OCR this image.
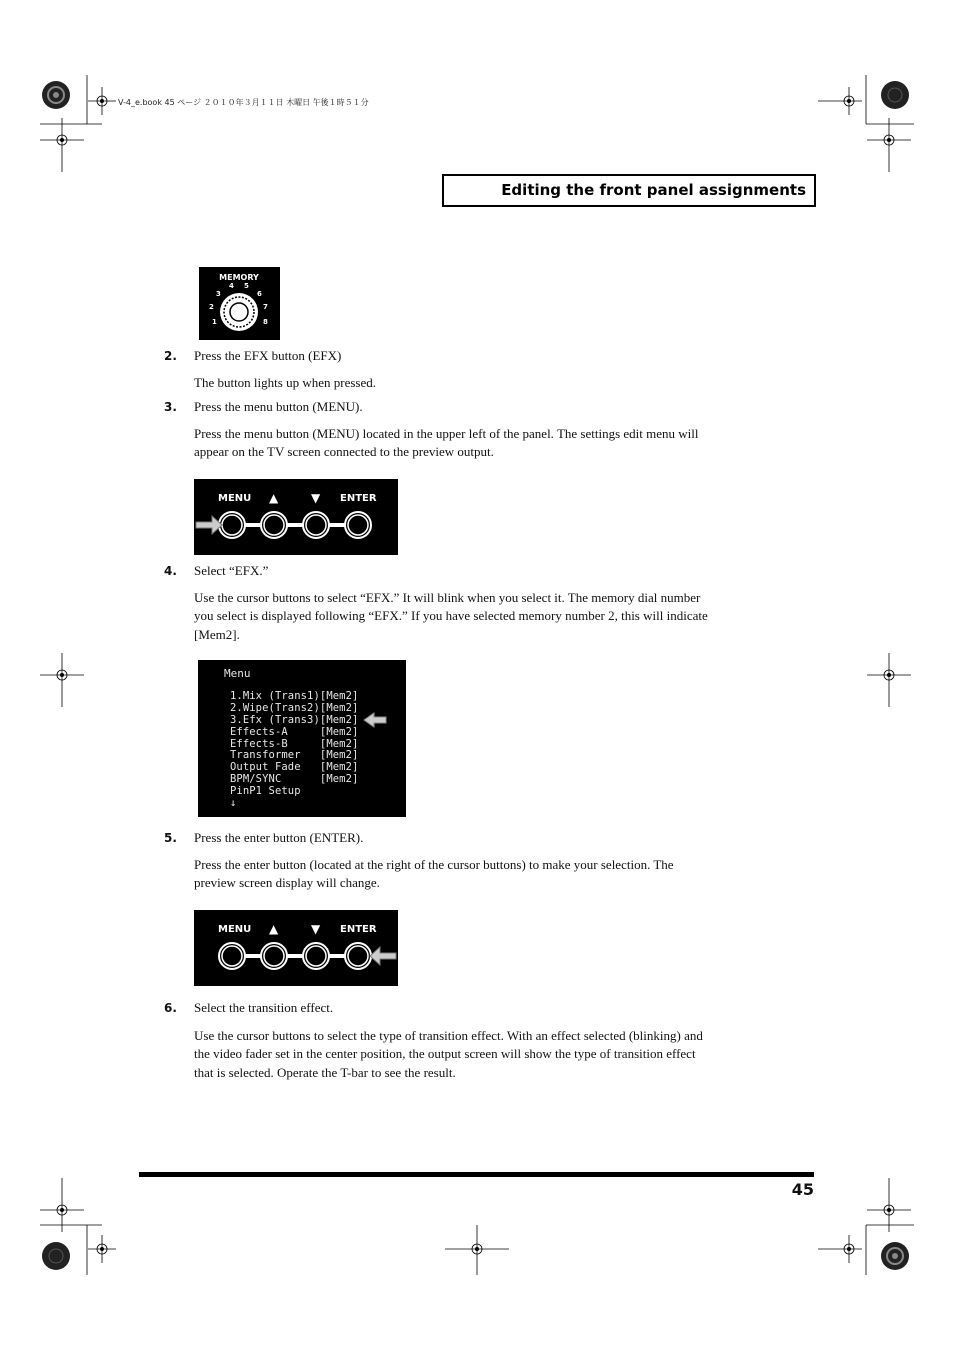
V-4_e.book 45 ページ ２０１０年３月１１日 木曜日 午後１時５１分
Editing the front panel assignments
MEMORY
1
2
3
4 5
6
7
8
2. Press the EFX button (EFX)
The button lights up when pressed.
3. Press the menu button (MENU).
Press the menu button (MENU) located in the upper left of the panel. The settings edit menu will
appear on the TV screen connected to the preview output.
MENU ▲	▼ ENTER
4. Select “EFX.”
Use the cursor buttons to select “EFX.” It will blink when you select it. The memory dial number
you select is displayed following “EFX.” If you have selected memory number 2, this will indicate
[Mem2].
Menu
1.Mix (Trans1)[Mem2]
2.Wipe(Trans2)[Mem2]
3.Efx (Trans3)[Mem2]
Effects-A     [Mem2]
Effects-B     [Mem2]
Transformer   [Mem2]
Output Fade   [Mem2]
BPM/SYNC      [Mem2]
PinP1 Setup
↓
5. Press the enter button (ENTER).
Press the enter button (located at the right of the cursor buttons) to make your selection. The
preview screen display will change.
MENU ▲	▼ ENTER
6. Select the transition effect.
Use the cursor buttons to select the type of transition effect. With an effect selected (blinking) and
the video fader set in the center position, the output screen will show the type of transition effect
that is selected. Operate the T-bar to see the result.
45
